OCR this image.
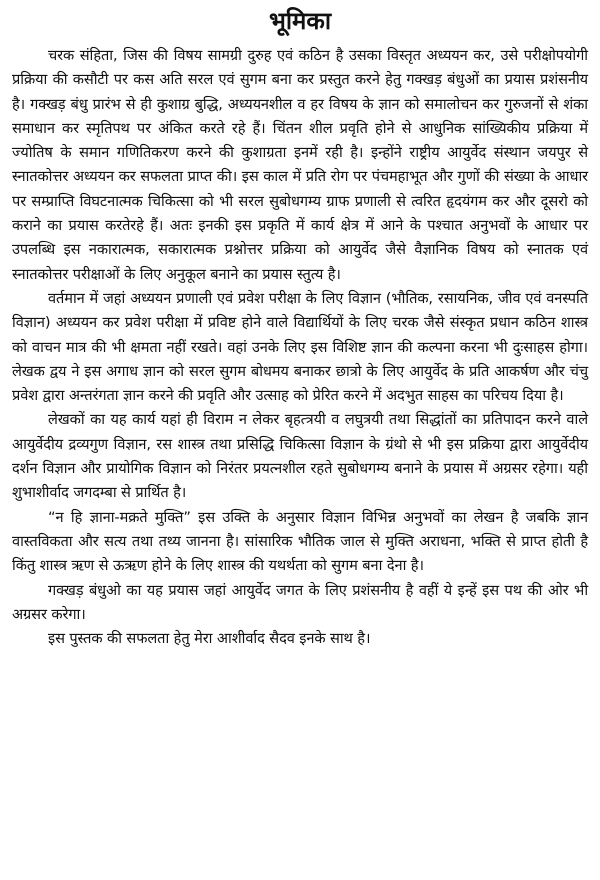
भूमिका

चरक संहिता, जिस की विषय सामग्री दुरुह एवं कठिन है उसका विस्तृत अध्ययन कर, उसे परीक्षोपयोगी प्रक्रिया की कसौटी पर कस अति सरल एवं सुगम बना कर प्रस्तुत करने हेतु गक्खड़ बंधुओं का प्रयास प्रशंसनीय है। गक्खड़ बंधु प्रारंभ से ही कुशाग्र बुद्धि, अध्ययनशील व हर विषय के ज्ञान को समालोचन कर गुरुजनों से शंका समाधान कर स्मृतिपथ पर अंकित करते रहे हैं। चिंतन शील प्रवृति होने से आधुनिक सांख्यिकीय प्रक्रिया में ज्योतिष के समान गणितिकरण करने की कुशाग्रता इनमें रही है। इन्होंने राष्ट्रीय आयुर्वेद संस्थान जयपुर से स्नातकोत्तर अध्ययन कर सफलता प्राप्त की। इस काल में प्रति रोग पर पंचमहाभूत और गुणों की संख्या के आधार पर सम्प्राप्ति विघटनात्मक चिकित्सा को भी सरल सुबोधगम्य ग्राफ प्रणाली से त्वरित हृदयंगम कर और दूसरो को कराने का प्रयास करतेरहे हैं। अतः इनकी इस प्रकृति में कार्य क्षेत्र में आने के पश्चात अनुभवों के आधार पर उपलब्धि इस नकारात्मक, सकारात्मक प्रश्नोत्तर प्रक्रिया को आयुर्वेद जैसे वैज्ञानिक विषय को स्नातक एवं स्नातकोत्तर परीक्षाओं के लिए अनुकूल बनाने का प्रयास स्तुत्य है।

वर्तमान में जहां अध्ययन प्रणाली एवं प्रवेश परीक्षा के लिए विज्ञान (भौतिक, रसायनिक, जीव एवं वनस्पति विज्ञान) अध्ययन कर प्रवेश परीक्षा में प्रविष्ट होने वाले विद्यार्थियों के लिए चरक जैसे संस्कृत प्रधान कठिन शास्त्र को वाचन मात्र की भी क्षमता नहीं रखते। वहां उनके लिए इस विशिष्ट ज्ञान की कल्पना करना भी दुःसाहस होगा। लेखक द्वय ने इस अगाध ज्ञान को सरल सुगम बोधमय बनाकर छात्रो के लिए आयुर्वेद के प्रति आकर्षण और चंचु प्रवेश द्वारा अन्तरंगता ज्ञान करने की प्रवृति और उत्साह को प्रेरित करने में अदभुत साहस का परिचय दिया है।

लेखकों का यह कार्य यहां ही विराम न लेकर बृहत्त्रयी व लघुत्रयी तथा सिद्धांतों का प्रतिपादन करने वाले आयुर्वेदीय द्रव्यगुण विज्ञान, रस शास्त्र तथा प्रसिद्धि चिकित्सा विज्ञान के ग्रंथो से भी इस प्रक्रिया द्वारा आयुर्वेदीय दर्शन विज्ञान और प्रायोगिक विज्ञान को निरंतर प्रयत्नशील रहते सुबोधगम्य बनाने के प्रयास में अग्रसर रहेगा। यही शुभाशीर्वाद जगदम्बा से प्रार्थित है।

“न हि ज्ञाना-मक्रते मुक्ति” इस उक्ति के अनुसार विज्ञान विभिन्न अनुभवों का लेखन है जबकि ज्ञान वास्तविकता और सत्य तथा तथ्य जानना है। सांसारिक भौतिक जाल से मुक्ति अराधना, भक्ति से प्राप्त होती है किंतु शास्त्र ऋण से ऊऋण होने के लिए शास्त्र की यथर्थता को सुगम बना देना है।

गक्खड़ बंधुओ का यह प्रयास जहां आयुर्वेद जगत के लिए प्रशंसनीय है वहीं ये इन्हें इस पथ की ओर भी अग्रसर करेगा।

इस पुस्तक की सफलता हेतु मेरा आशीर्वाद सैदव इनके साथ है।
